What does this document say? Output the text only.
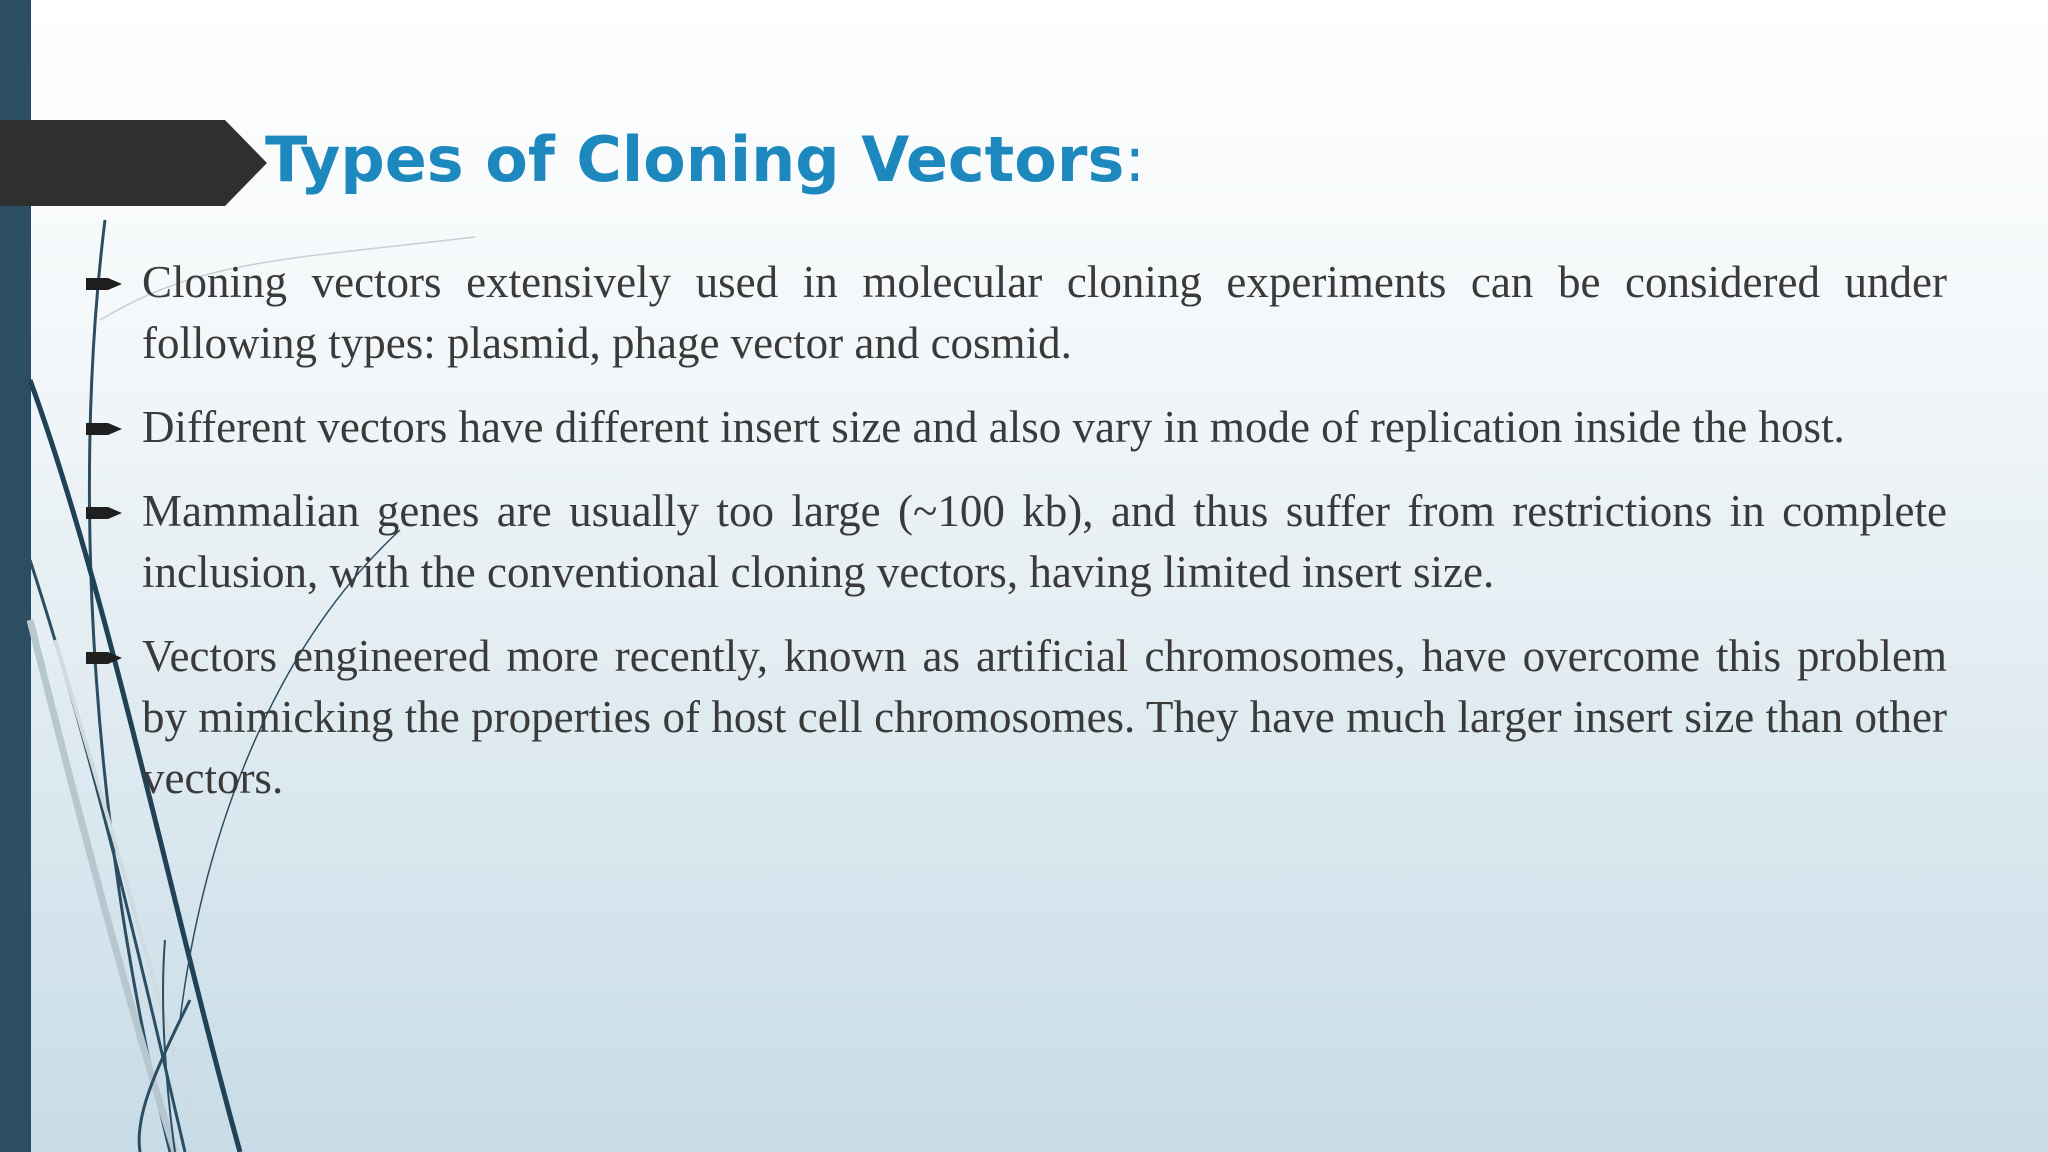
Types of Cloning Vectors:
Cloning vectors extensively used in molecular cloning experiments can be considered under following types: plasmid, phage vector and cosmid.
Different vectors have different insert size and also vary in mode of replication inside the host.
Mammalian genes are usually too large (~100 kb), and thus suffer from restrictions in complete inclusion, with the conventional cloning vectors, having limited insert size.
Vectors engineered more recently, known as artificial chromosomes, have overcome this problem by mimicking the properties of host cell chromosomes. They have much larger insert size than other vectors.
